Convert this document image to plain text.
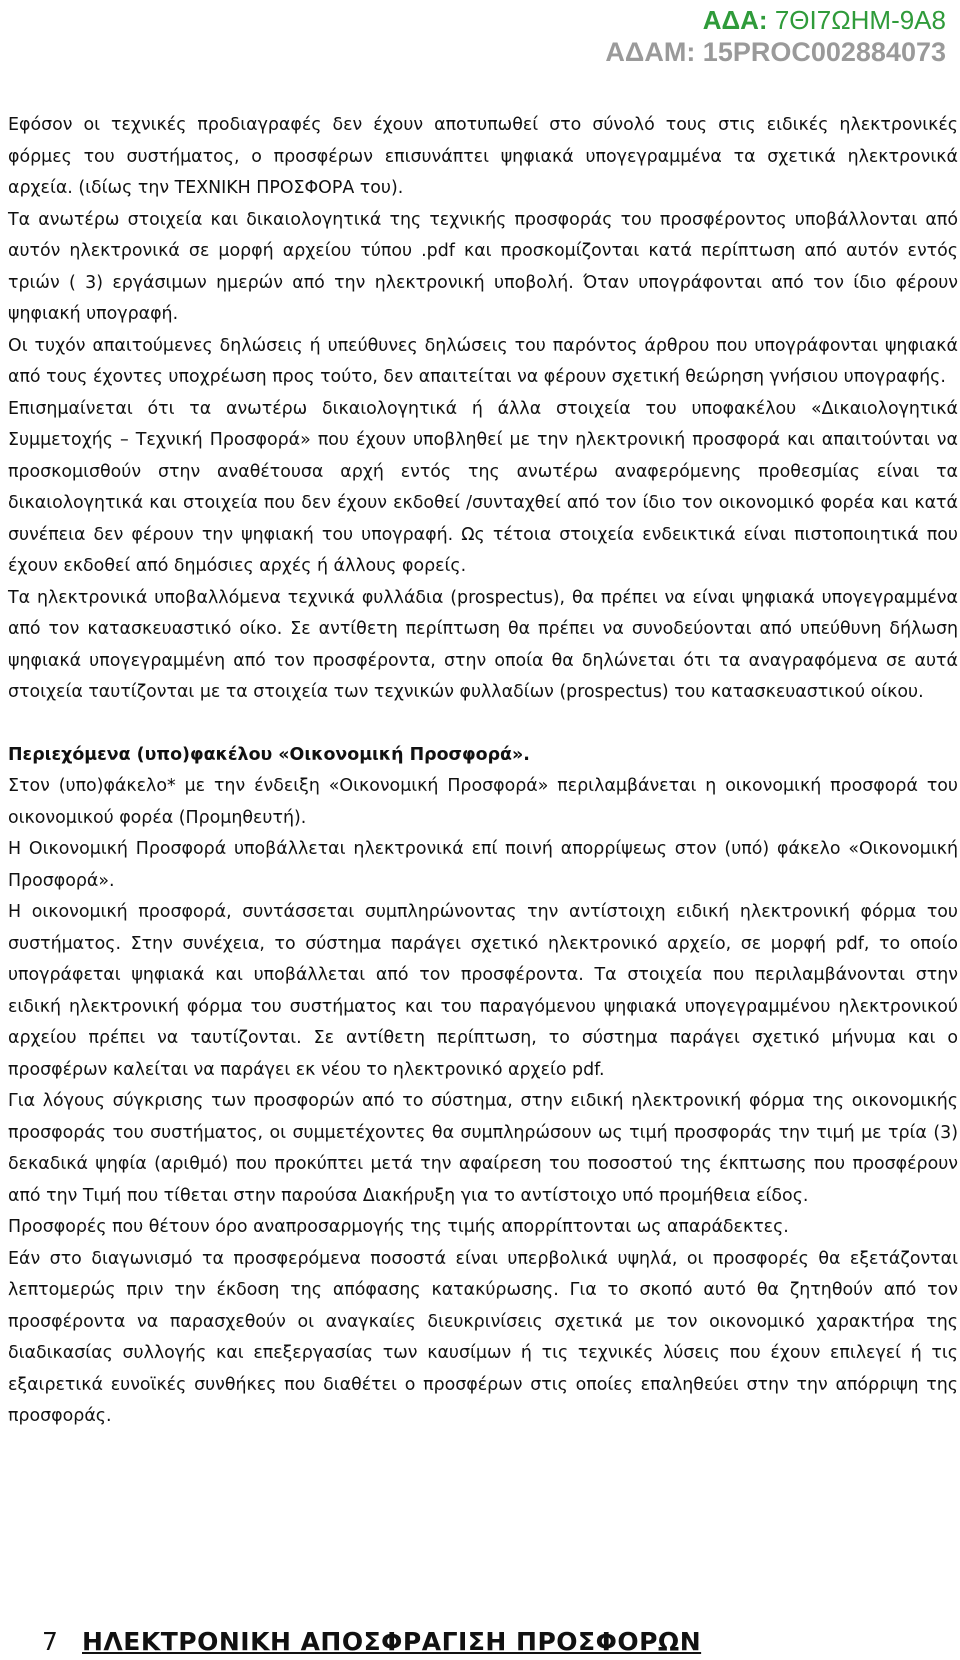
ΑΔΑ: 7ΘΙ7ΩΗΜ-9Α8
ΑΔΑΜ: 15PROC002884073

Εφόσον οι τεχνικές προδιαγραφές δεν έχουν αποτυπωθεί στο σύνολό τους στις ειδικές ηλεκτρονικές φόρμες του συστήματος, ο προσφέρων επισυνάπτει ψηφιακά υπογεγραμμένα τα σχετικά ηλεκτρονικά αρχεία. (ιδίως την ΤΕΧΝΙΚΗ ΠΡΟΣΦΟΡΑ του).

Τα ανωτέρω στοιχεία και δικαιολογητικά της τεχνικής προσφοράς του προσφέροντος υποβάλλονται από αυτόν ηλεκτρονικά σε μορφή αρχείου τύπου .pdf και προσκομίζονται κατά περίπτωση από αυτόν εντός τριών ( 3) εργάσιμων ημερών από την ηλεκτρονική υποβολή. Όταν υπογράφονται από τον ίδιο φέρουν ψηφιακή υπογραφή.

Οι τυχόν απαιτούμενες δηλώσεις ή υπεύθυνες δηλώσεις του παρόντος άρθρου που υπογράφονται ψηφιακά από τους έχοντες υποχρέωση προς τούτο, δεν απαιτείται να φέρουν σχετική θεώρηση γνήσιου υπογραφής.

Επισημαίνεται ότι τα ανωτέρω δικαιολογητικά ή άλλα στοιχεία του υποφακέλου «Δικαιολογητικά Συμμετοχής – Τεχνική Προσφορά» που έχουν υποβληθεί με την ηλεκτρονική προσφορά και απαιτούνται να προσκομισθούν στην αναθέτουσα αρχή εντός της ανωτέρω αναφερόμενης προθεσμίας είναι τα δικαιολογητικά και στοιχεία που δεν έχουν εκδοθεί /συνταχθεί από τον ίδιο τον οικονομικό φορέα και κατά συνέπεια δεν φέρουν την ψηφιακή του υπογραφή. Ως τέτοια στοιχεία ενδεικτικά είναι πιστοποιητικά που έχουν εκδοθεί από δημόσιες αρχές ή άλλους φορείς.

Τα ηλεκτρονικά υποβαλλόμενα τεχνικά φυλλάδια (prospectus), θα πρέπει να είναι ψηφιακά υπογεγραμμένα από τον κατασκευαστικό οίκο. Σε αντίθετη περίπτωση θα πρέπει να συνοδεύονται από υπεύθυνη δήλωση ψηφιακά υπογεγραμμένη από τον προσφέροντα, στην οποία θα δηλώνεται ότι τα αναγραφόμενα σε αυτά στοιχεία ταυτίζονται με τα στοιχεία των τεχνικών φυλλαδίων (prospectus) του κατασκευαστικού οίκου.

Περιεχόμενα (υπο)φακέλου «Οικονομική Προσφορά».

Στον (υπο)φάκελο* με την ένδειξη «Οικονομική Προσφορά» περιλαμβάνεται η οικονομική προσφορά του οικονομικού φορέα (Προμηθευτή).

Η Οικονομική Προσφορά υποβάλλεται ηλεκτρονικά επί ποινή απορρίψεως στον (υπό) φάκελο «Οικονομική Προσφορά».

Η οικονομική προσφορά, συντάσσεται συμπληρώνοντας την αντίστοιχη ειδική ηλεκτρονική φόρμα του συστήματος. Στην συνέχεια, το σύστημα παράγει σχετικό ηλεκτρονικό αρχείο, σε μορφή pdf, το οποίο υπογράφεται ψηφιακά και υποβάλλεται από τον προσφέροντα. Τα στοιχεία που περιλαμβάνονται στην ειδική ηλεκτρονική φόρμα του συστήματος και του παραγόμενου ψηφιακά υπογεγραμμένου ηλεκτρονικού αρχείου πρέπει να ταυτίζονται. Σε αντίθετη περίπτωση, το σύστημα παράγει σχετικό μήνυμα και ο προσφέρων καλείται να παράγει εκ νέου το ηλεκτρονικό αρχείο pdf.

Για λόγους σύγκρισης των προσφορών από το σύστημα, στην ειδική ηλεκτρονική φόρμα της οικονομικής προσφοράς του συστήματος, οι συμμετέχοντες θα συμπληρώσουν ως τιμή προσφοράς την τιμή με τρία (3) δεκαδικά ψηφία (αριθμό) που προκύπτει μετά την αφαίρεση του ποσοστού της έκπτωσης που προσφέρουν από την Τιμή που τίθεται στην παρούσα Διακήρυξη για το αντίστοιχο υπό προμήθεια είδος.

Προσφορές που θέτουν όρο αναπροσαρμογής της τιμής απορρίπτονται ως απαράδεκτες.

Εάν στο διαγωνισμό τα προσφερόμενα ποσοστά είναι υπερβολικά υψηλά, οι προσφορές θα εξετάζονται λεπτομερώς πριν την έκδοση της απόφασης κατακύρωσης. Για το σκοπό αυτό θα ζητηθούν από τον προσφέροντα να παρασχεθούν οι αναγκαίες διευκρινίσεις σχετικά με τον οικονομικό χαρακτήρα της διαδικασίας συλλογής και επεξεργασίας των καυσίμων ή τις τεχνικές λύσεις που έχουν επιλεγεί ή τις εξαιρετικά ευνοϊκές συνθήκες που διαθέτει ο προσφέρων στις οποίες επαληθεύει στην την απόρριψη της προσφοράς.

7 ΗΛΕΚΤΡΟΝΙΚΗ ΑΠΟΣΦΡΑΓΙΣΗ ΠΡΟΣΦΟΡΩΝ
